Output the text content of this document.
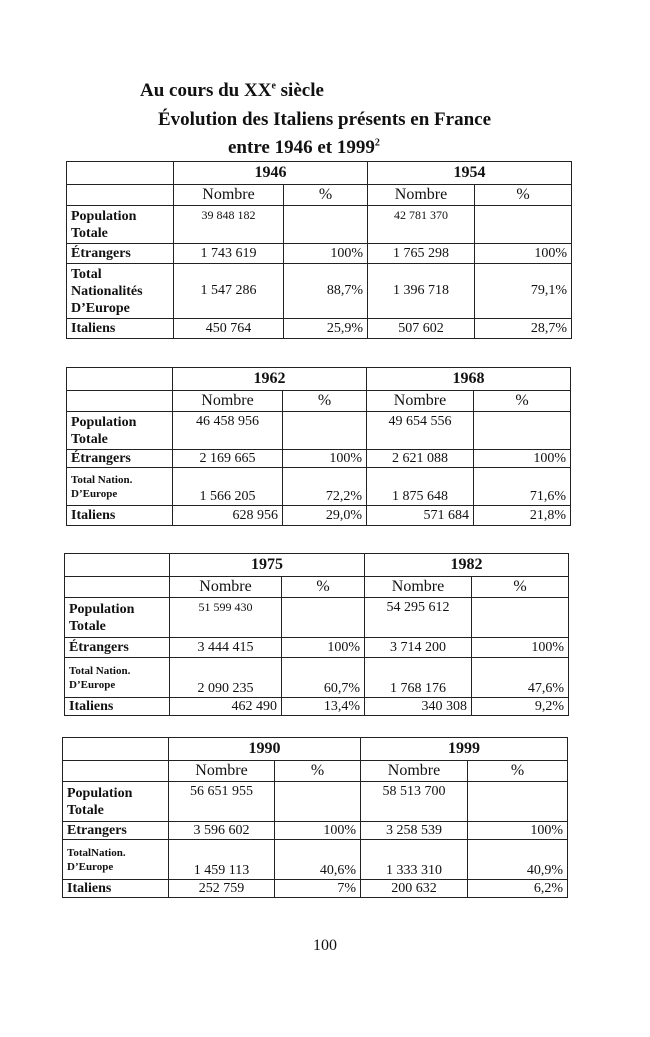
Au cours du XXe siècle
Évolution des Italiens présents en France
entre 1946 et 1999$^2$
	1946		1954	
	Nombre	%	Nombre	%
Population Totale	39 848 182		42 781 370	
Étrangers	1 743 619	100%	1 765 298	100%
Total Nationalités D’Europe	1 547 286	88,7%	1 396 718	79,1%
Italiens	450 764	25,9%	507 602	28,7%
	1962		1968	
	Nombre	%	Nombre	%
Population Totale	46 458 956		49 654 556	
Étrangers	2 169 665	100%	2 621 088	100%
Total Nation. D’Europe	1 566 205	72,2%	1 875 648	71,6%
Italiens	628 956	29,0%	571 684	21,8%
	1975		1982	
	Nombre	%	Nombre	%
Population Totale	51 599 430		54 295 612	
Étrangers	3 444 415	100%	3 714 200	100%
Total Nation. D’Europe	2 090 235	60,7%	1 768 176	47,6%
Italiens	462 490	13,4%	340 308	9,2%
	1990		1999	
	Nombre	%	Nombre	%
Population Totale	56 651 955		58 513 700	
Etrangers	3 596 602	100%	3 258 539	100%
TotalNation. D’Europe	1 459 113	40,6%	1 333 310	40,9%
Italiens	252 759	7%	200 632	6,2%
100
